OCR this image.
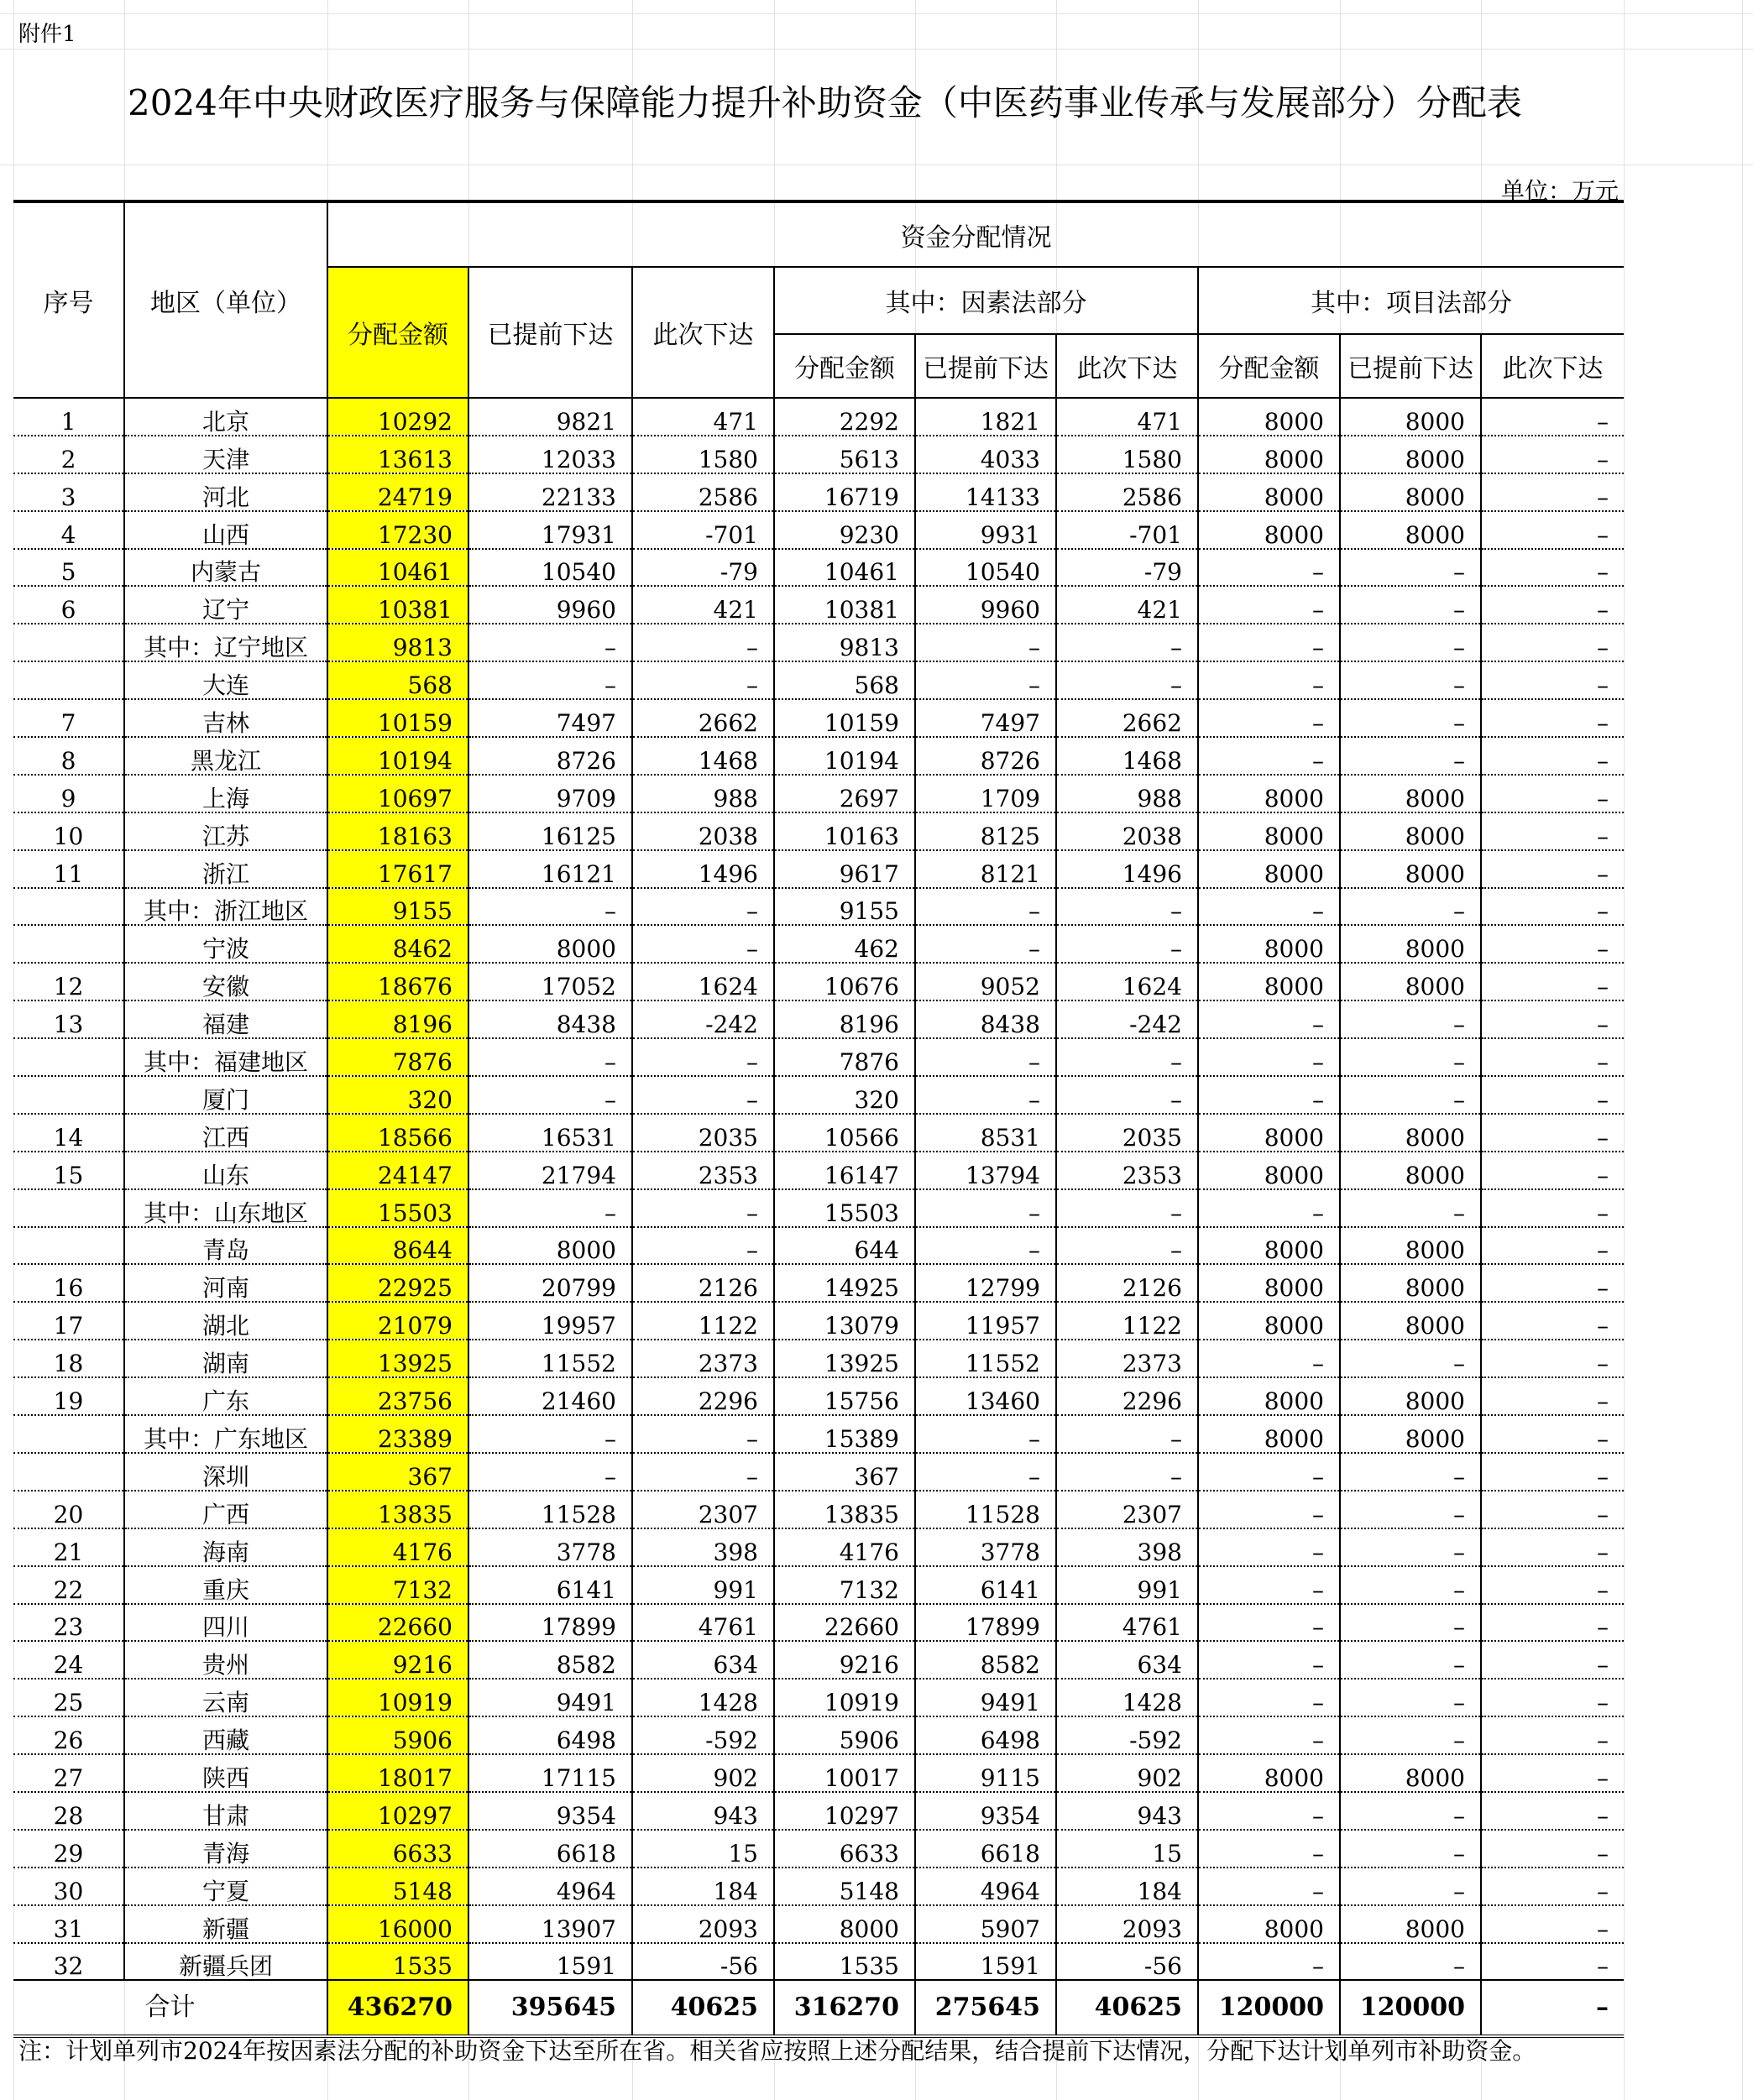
附件1
2024年中央财政医疗服务与保障能力提升补助资金（中医药事业传承与发展部分）分配表
单位：万元
序号	地区（单位）	资金分配情况								
		分配金额	已提前下达	此次下达	其中：因素法部分			其中：项目法部分		
					分配金额	已提前下达	此次下达	分配金额	已提前下达	此次下达
1	北京	10292	9821	471	2292	1821	471	8000	8000	–
2	天津	13613	12033	1580	5613	4033	1580	8000	8000	–
3	河北	24719	22133	2586	16719	14133	2586	8000	8000	–
4	山西	17230	17931	-701	9230	9931	-701	8000	8000	–
5	内蒙古	10461	10540	-79	10461	10540	-79	–	–	–
6	辽宁	10381	9960	421	10381	9960	421	–	–	–
	其中：辽宁地区	9813	–	–	9813	–	–	–	–	–
	大连	568	–	–	568	–	–	–	–	–
7	吉林	10159	7497	2662	10159	7497	2662	–	–	–
8	黑龙江	10194	8726	1468	10194	8726	1468	–	–	–
9	上海	10697	9709	988	2697	1709	988	8000	8000	–
10	江苏	18163	16125	2038	10163	8125	2038	8000	8000	–
11	浙江	17617	16121	1496	9617	8121	1496	8000	8000	–
	其中：浙江地区	9155	–	–	9155	–	–	–	–	–
	宁波	8462	8000	–	462	–	–	8000	8000	–
12	安徽	18676	17052	1624	10676	9052	1624	8000	8000	–
13	福建	8196	8438	-242	8196	8438	-242	–	–	–
	其中：福建地区	7876	–	–	7876	–	–	–	–	–
	厦门	320	–	–	320	–	–	–	–	–
14	江西	18566	16531	2035	10566	8531	2035	8000	8000	–
15	山东	24147	21794	2353	16147	13794	2353	8000	8000	–
	其中：山东地区	15503	–	–	15503	–	–	–	–	–
	青岛	8644	8000	–	644	–	–	8000	8000	–
16	河南	22925	20799	2126	14925	12799	2126	8000	8000	–
17	湖北	21079	19957	1122	13079	11957	1122	8000	8000	–
18	湖南	13925	11552	2373	13925	11552	2373	–	–	–
19	广东	23756	21460	2296	15756	13460	2296	8000	8000	–
	其中：广东地区	23389	–	–	15389	–	–	8000	8000	–
	深圳	367	–	–	367	–	–	–	–	–
20	广西	13835	11528	2307	13835	11528	2307	–	–	–
21	海南	4176	3778	398	4176	3778	398	–	–	–
22	重庆	7132	6141	991	7132	6141	991	–	–	–
23	四川	22660	17899	4761	22660	17899	4761	–	–	–
24	贵州	9216	8582	634	9216	8582	634	–	–	–
25	云南	10919	9491	1428	10919	9491	1428	–	–	–
26	西藏	5906	6498	-592	5906	6498	-592	–	–	–
27	陕西	18017	17115	902	10017	9115	902	8000	8000	–
28	甘肃	10297	9354	943	10297	9354	943	–	–	–
29	青海	6633	6618	15	6633	6618	15	–	–	–
30	宁夏	5148	4964	184	5148	4964	184	–	–	–
31	新疆	16000	13907	2093	8000	5907	2093	8000	8000	–
32	新疆兵团	1535	1591	-56	1535	1591	-56	–	–	–
合计		436270	395645	40625	316270	275645	40625	120000	120000	–
注：计划单列市2024年按因素法分配的补助资金下达至所在省。相关省应按照上述分配结果，结合提前下达情况，分配下达计划单列市补助资金。
